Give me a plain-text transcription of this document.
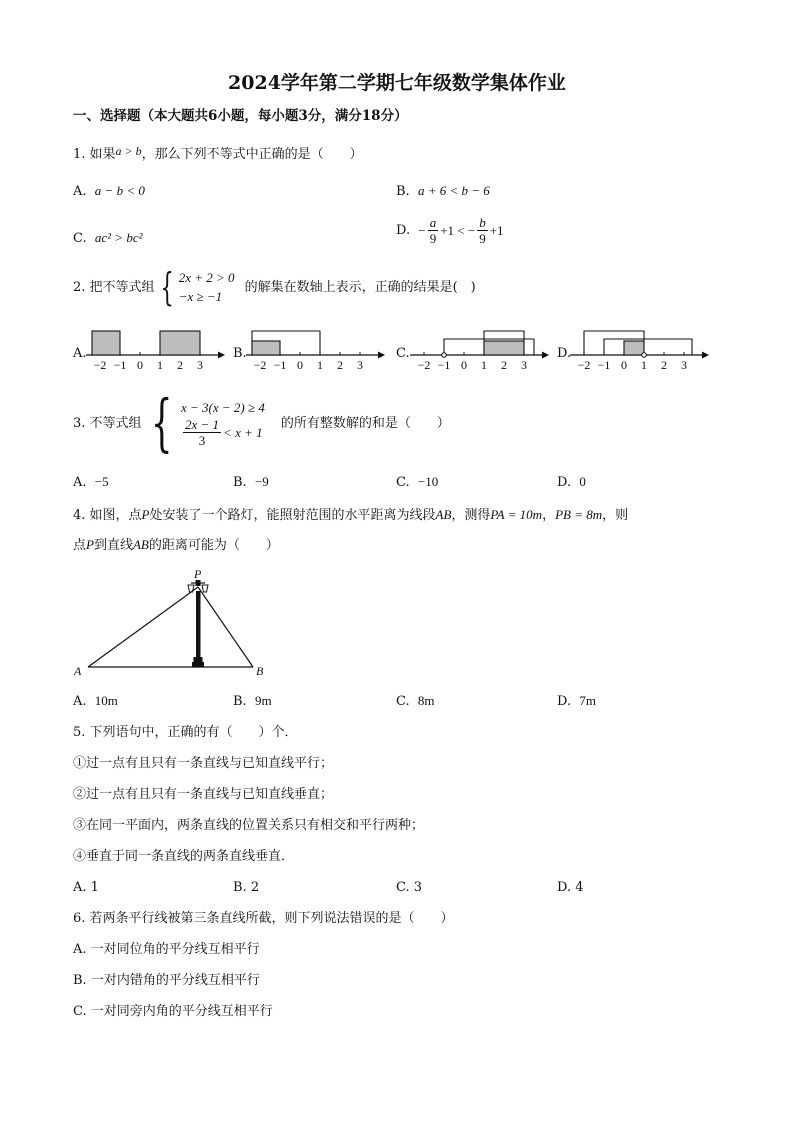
2024学年第二学期七年级数学集体作业
一、选择题（本大题共6小题，每小题3分，满分18分）
1. 如果a > b，那么下列不等式中正确的是（　　）
A. a − b < 0	B. a + 6 < b − 6
C. ac² > bc²	D.
− $\frac{a}{9} +1$ < − $\frac{b}{9} +1$
2. 把不等式组 { 2x + 2 > 0
−x ≥ −1
的解集在数轴上表示，正确的结果是(　)
A.	B.	C.	D.
−2 −1 0 1 2 3	−2 −1 0 1 2 3	−2 −1 0 1 2 3	−2 −1 0 1 2 3
3. 不等式组 { x − 3(x − 2) ≥ 4
$\frac{2x - 1}{3} < x + 1$
的所有整数解的和是（　　）
A. −5	B. −9	C. −10	D. 0
4. 如图，点P处安装了一个路灯，能照射范围的水平距离为线段AB，测得PA = 10m，PB = 8m，则
点P到直线AB的距离可能为（　　）
P
A	B
A. 10m	B. 9m	C. 8m	D. 7m
5. 下列语句中，正确的有（　　）个．
①过一点有且只有一条直线与已知直线平行；
②过一点有且只有一条直线与已知直线垂直；
③在同一平面内，两条直线的位置关系只有相交和平行两种；
④垂直于同一条直线的两条直线垂直．
A. 1	B. 2	C. 3	D. 4
6. 若两条平行线被第三条直线所截，则下列说法错误的是（　　）
A. 一对同位角的平分线互相平行
B. 一对内错角的平分线互相平行
C. 一对同旁内角的平分线互相平行
